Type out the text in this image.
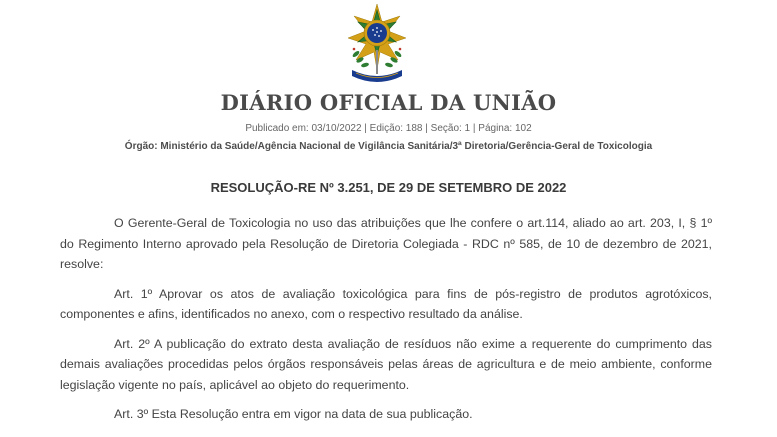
DIÁRIO OFICIAL DA UNIÃO
Publicado em: 03/10/2022 | Edição: 188 | Seção: 1 | Página: 102
Órgão: Ministério da Saúde/Agência Nacional de Vigilância Sanitária/3ª Diretoria/Gerência-Geral de Toxicologia
RESOLUÇÃO-RE Nº 3.251, DE 29 DE SETEMBRO DE 2022

O Gerente-Geral de Toxicologia no uso das atribuições que lhe confere o art.114, aliado ao art. 203, I, § 1º do Regimento Interno aprovado pela Resolução de Diretoria Colegiada - RDC nº 585, de 10 de dezembro de 2021, resolve:

Art. 1º Aprovar os atos de avaliação toxicológica para fins de pós-registro de produtos agrotóxicos, componentes e afins, identificados no anexo, com o respectivo resultado da análise.

Art. 2º A publicação do extrato desta avaliação de resíduos não exime a requerente do cumprimento das demais avaliações procedidas pelos órgãos responsáveis pelas áreas de agricultura e de meio ambiente, conforme legislação vigente no país, aplicável ao objeto do requerimento.

Art. 3º Esta Resolução entra em vigor na data de sua publicação.
